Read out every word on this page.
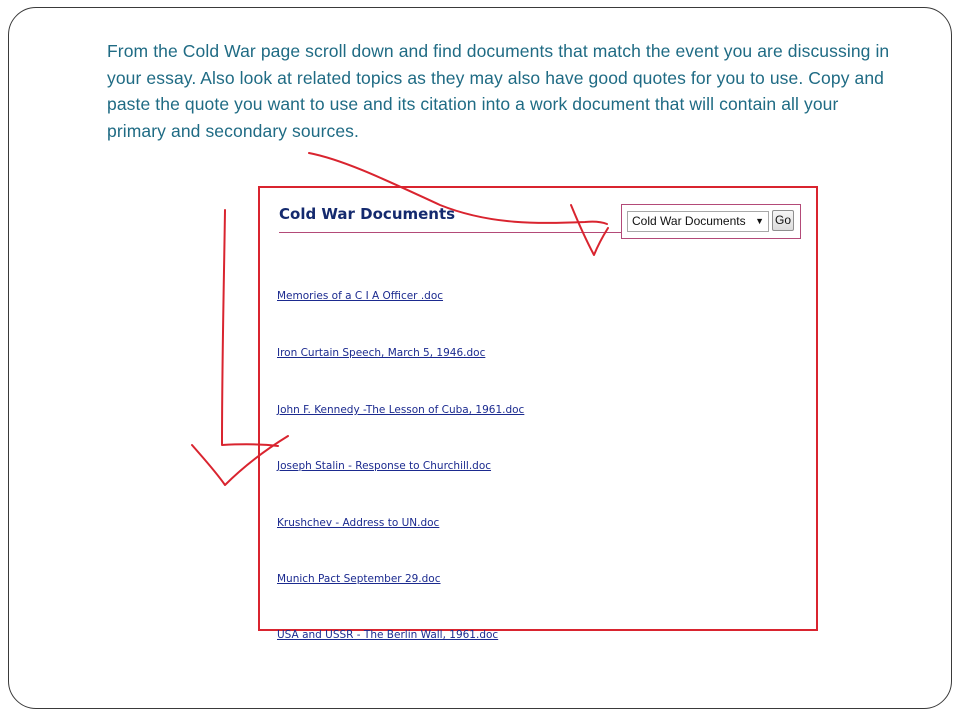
From the Cold War page scroll down and find documents that match the event you are discussing in your essay. Also look at related topics as they may also have good quotes for you to use. Copy and paste the quote you want to use and its citation into a work document that will contain all your primary and secondary sources.

Cold War Documents	Cold War Documents ▼ Go
Memories of a C I A Officer .doc
Iron Curtain Speech, March 5, 1946.doc
John F. Kennedy -The Lesson of Cuba, 1961.doc
Joseph Stalin - Response to Churchill.doc
Krushchev - Address to UN.doc
Munich Pact September 29.doc
USA and USSR - The Berlin Wall, 1961.doc
